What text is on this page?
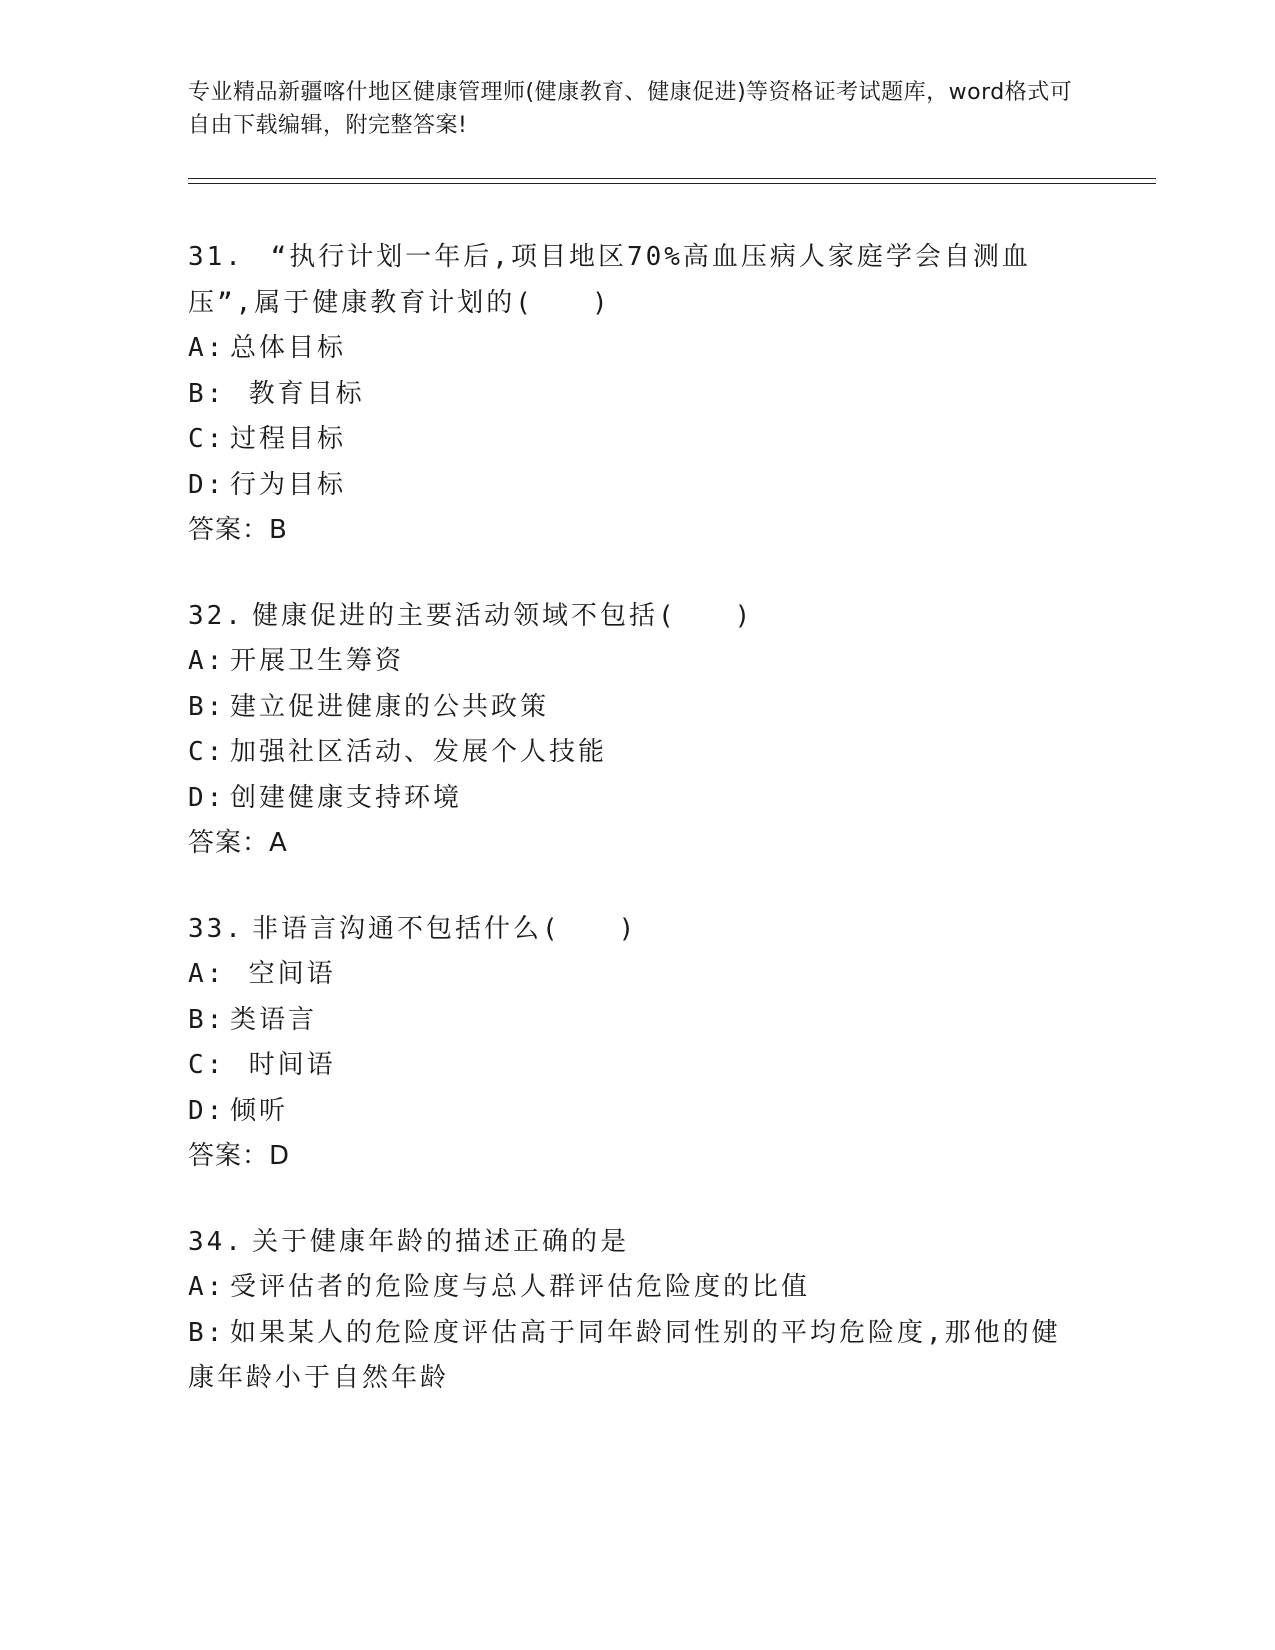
专业精品新疆喀什地区健康管理师(健康教育、健康促进)等资格证考试题库，word格式可自由下载编辑，附完整答案!
31. “执行计划一年后,项目地区70%高血压病人家庭学会自测血压”,属于健康教育计划的(　　)
A: 总体目标
B: 教育目标
C: 过程目标
D: 行为目标
答案：B
32. 健康促进的主要活动领域不包括(　　)
A: 开展卫生筹资
B: 建立促进健康的公共政策
C: 加强社区活动、发展个人技能
D: 创建健康支持环境
答案：A
33. 非语言沟通不包括什么(　　)
A: 空间语
B: 类语言
C: 时间语
D: 倾听
答案：D
34. 关于健康年龄的描述正确的是
A: 受评估者的危险度与总人群评估危险度的比值
B: 如果某人的危险度评估高于同年龄同性别的平均危险度,那他的健康年龄小于自然年龄
